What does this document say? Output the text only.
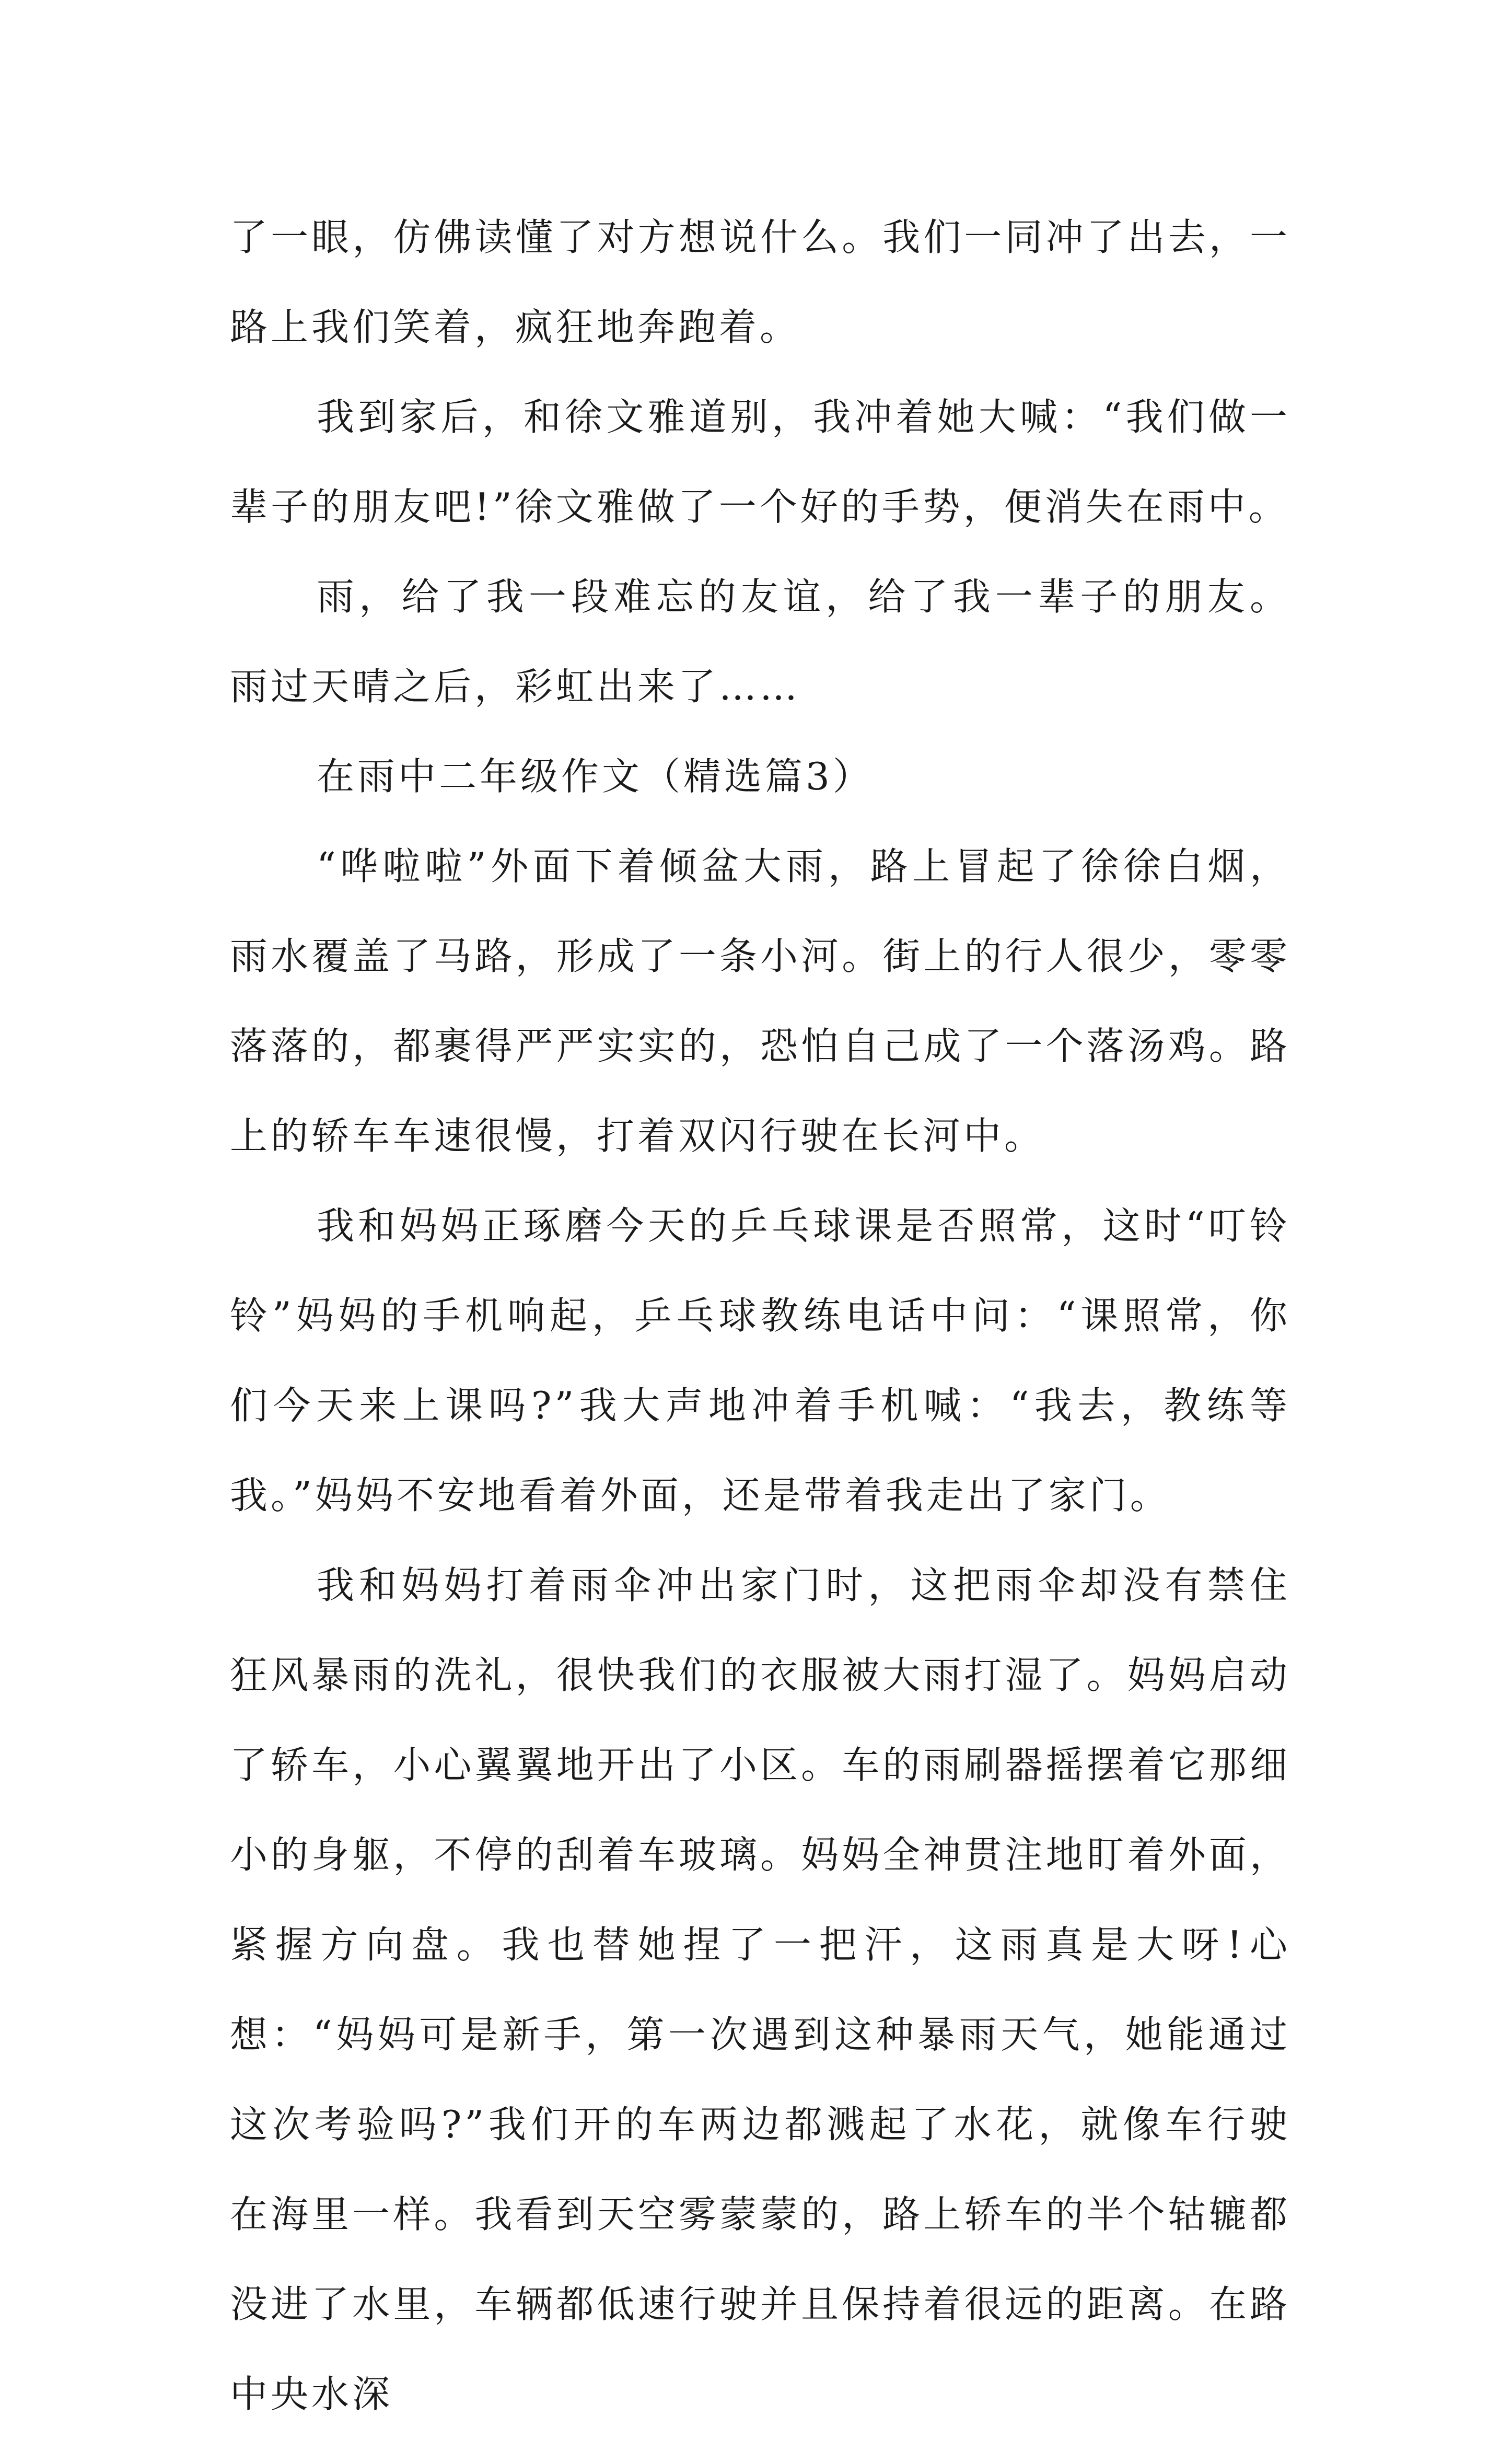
了一眼，仿佛读懂了对方想说什么。我们一同冲了出去，一路上我们笑着，疯狂地奔跑着。

我到家后，和徐文雅道别，我冲着她大喊：“我们做一辈子的朋友吧!”徐文雅做了一个好的手势，便消失在雨中。

雨，给了我一段难忘的友谊，给了我一辈子的朋友。雨过天晴之后，彩虹出来了……

在雨中二年级作文（精选篇3）

“哗啦啦”外面下着倾盆大雨，路上冒起了徐徐白烟，雨水覆盖了马路，形成了一条小河。街上的行人很少，零零落落的，都裹得严严实实的，恐怕自己成了一个落汤鸡。路上的轿车车速很慢，打着双闪行驶在长河中。

我和妈妈正琢磨今天的乒乓球课是否照常，这时“叮铃铃”妈妈的手机响起，乒乓球教练电话中问：“课照常，你们今天来上课吗?”我大声地冲着手机喊：“我去，教练等我。”妈妈不安地看着外面，还是带着我走出了家门。

我和妈妈打着雨伞冲出家门时，这把雨伞却没有禁住狂风暴雨的洗礼，很快我们的衣服被大雨打湿了。妈妈启动了轿车，小心翼翼地开出了小区。车的雨刷器摇摆着它那细小的身躯，不停的刮着车玻璃。妈妈全神贯注地盯着外面，紧握方向盘。我也替她捏了一把汗，这雨真是大呀!心想：“妈妈可是新手，第一次遇到这种暴雨天气，她能通过这次考验吗?”我们开的车两边都溅起了水花，就像车行驶在海里一样。我看到天空雾蒙蒙的，路上轿车的半个轱辘都没进了水里，车辆都低速行驶并且保持着很远的距离。在路中央水深
